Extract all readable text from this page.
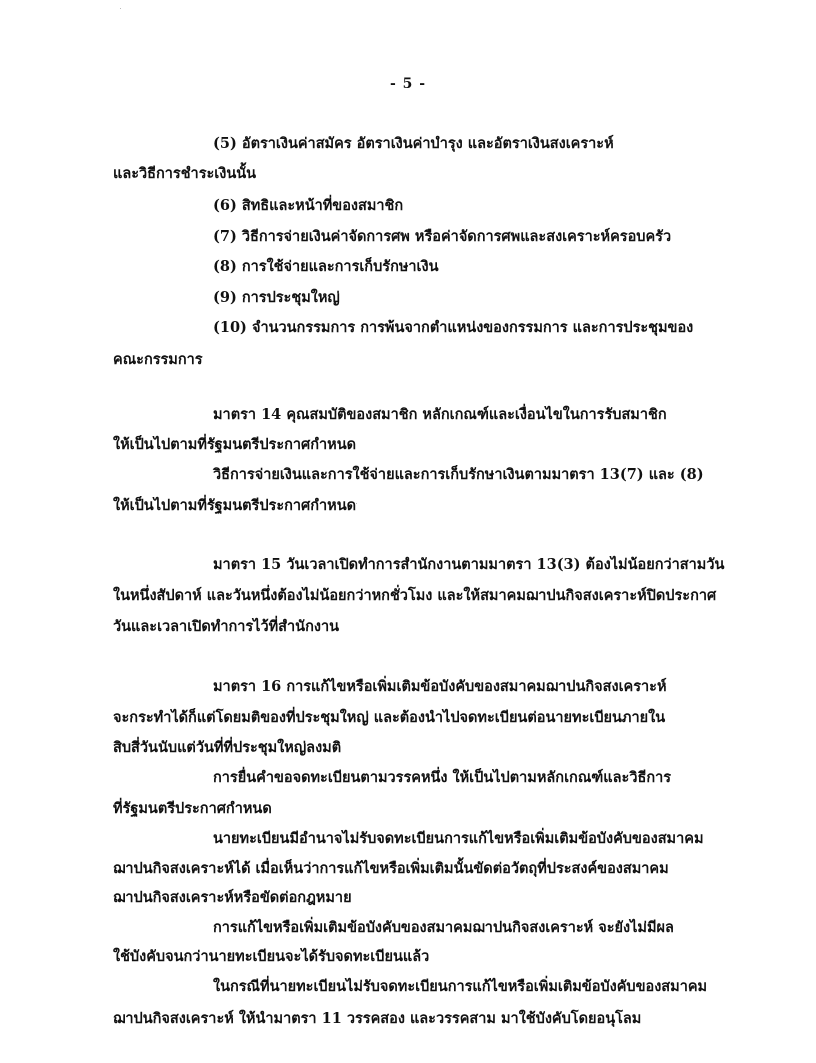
- 5 -
(5) อัตราเงินค่าสมัคร อัตราเงินค่าบำรุง และอัตราเงินสงเคราะห์
และวิธีการชำระเงินนั้น
(6) สิทธิและหน้าที่ของสมาชิก
(7) วิธีการจ่ายเงินค่าจัดการศพ หรือค่าจัดการศพและสงเคราะห์ครอบครัว
(8) การใช้จ่ายและการเก็บรักษาเงิน
(9) การประชุมใหญ่
(10) จำนวนกรรมการ การพ้นจากตำแหน่งของกรรมการ และการประชุมของ
คณะกรรมการ
มาตรา 14 คุณสมบัติของสมาชิก หลักเกณฑ์และเงื่อนไขในการรับสมาชิก
ให้เป็นไปตามที่รัฐมนตรีประกาศกำหนด
วิธีการจ่ายเงินและการใช้จ่ายและการเก็บรักษาเงินตามมาตรา 13(7) และ (8)
ให้เป็นไปตามที่รัฐมนตรีประกาศกำหนด
มาตรา 15 วันเวลาเปิดทำการสำนักงานตามมาตรา 13(3) ต้องไม่น้อยกว่าสามวัน
ในหนึ่งสัปดาห์ และวันหนึ่งต้องไม่น้อยกว่าหกชั่วโมง และให้สมาคมฌาปนกิจสงเคราะห์ปิดประกาศ
วันและเวลาเปิดทำการไว้ที่สำนักงาน
มาตรา 16 การแก้ไขหรือเพิ่มเติมข้อบังคับของสมาคมฌาปนกิจสงเคราะห์
จะกระทำได้ก็แต่โดยมติของที่ประชุมใหญ่ และต้องนำไปจดทะเบียนต่อนายทะเบียนภายใน
สิบสี่วันนับแต่วันที่ที่ประชุมใหญ่ลงมติ
การยื่นคำขอจดทะเบียนตามวรรคหนึ่ง ให้เป็นไปตามหลักเกณฑ์และวิธีการ
ที่รัฐมนตรีประกาศกำหนด
นายทะเบียนมีอำนาจไม่รับจดทะเบียนการแก้ไขหรือเพิ่มเติมข้อบังคับของสมาคม
ฌาปนกิจสงเคราะห์ได้ เมื่อเห็นว่าการแก้ไขหรือเพิ่มเติมนั้นขัดต่อวัตถุที่ประสงค์ของสมาคม
ฌาปนกิจสงเคราะห์หรือขัดต่อกฎหมาย
การแก้ไขหรือเพิ่มเติมข้อบังคับของสมาคมฌาปนกิจสงเคราะห์ จะยังไม่มีผล
ใช้บังคับจนกว่านายทะเบียนจะได้รับจดทะเบียนแล้ว
ในกรณีที่นายทะเบียนไม่รับจดทะเบียนการแก้ไขหรือเพิ่มเติมข้อบังคับของสมาคม
ฌาปนกิจสงเคราะห์ ให้นำมาตรา 11 วรรคสอง และวรรคสาม มาใช้บังคับโดยอนุโลม
